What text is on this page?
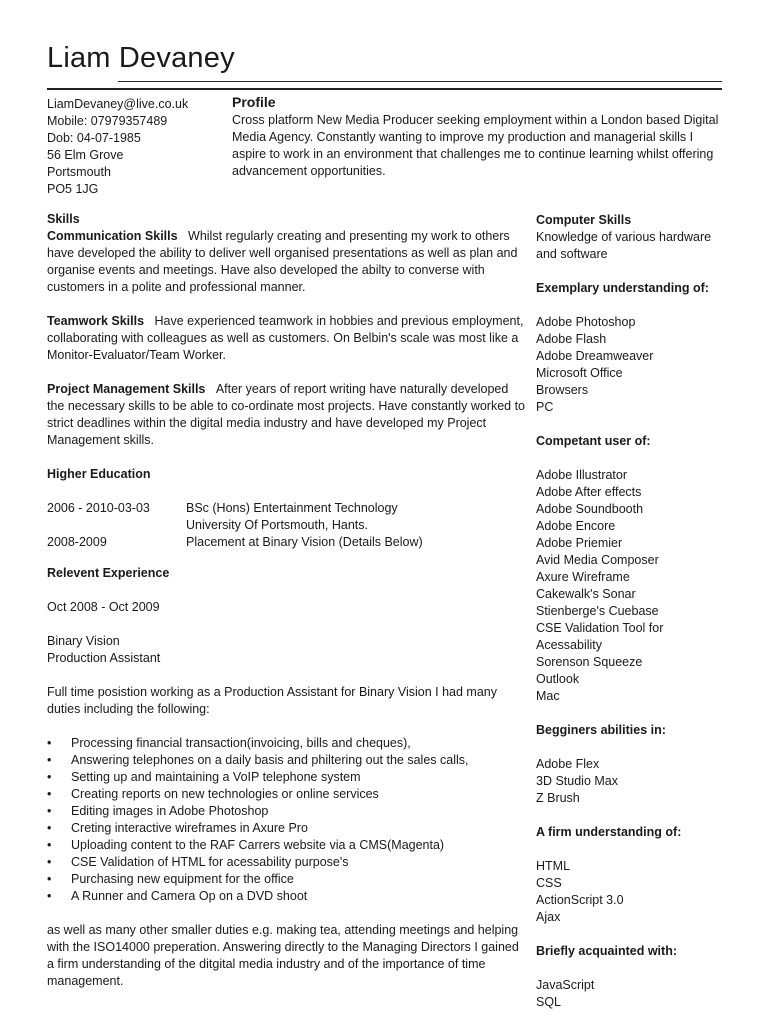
Liam Devaney
LiamDevaney@live.co.uk
Mobile: 07979357489
Dob: 04-07-1985
56 Elm Grove
Portsmouth
PO5 1JG
Profile

Cross platform New Media Producer seeking employment within a London based Digital Media Agency. Constantly wanting to improve my production and managerial skills I aspire to work in an environment that challenges me to continue learning whilst offering advancement opportunities.

Skills

Communication Skills Whilst regularly creating and presenting my work to others have developed the ability to deliver well organised presentations as well as plan and organise events and meetings. Have also developed the abilty to converse with customers in a polite and professional manner.

Teamwork Skills Have experienced teamwork in hobbies and previous employment, collaborating with colleagues as well as customers. On Belbin's scale was most like a Monitor-Evaluator/Team Worker.

Project Management Skills After years of report writing have naturally developed the necessary skills to be able to co-ordinate most projects. Have constantly worked to strict deadlines within the digital media industry and have developed my Project Management skills.

Higher Education
2006 - 2010-03-03	BSc (Hons) Entertainment Technology
University Of Portsmouth, Hants.
2008-2009	Placement at Binary Vision (Details Below)
Relevent Experience
Oct 2008 - Oct 2009
Binary Vision
Production Assistant

Full time posistion working as a Production Assistant for Binary Vision I had many duties including the following:

• Processing financial transaction(invoicing, bills and cheques),
• Answering telephones on a daily basis and philtering out the sales calls,
• Setting up and maintaining a VoIP telephone system
• Creating reports on new technologies or online services
• Editing images in Adobe Photoshop
• Creting interactive wireframes in Axure Pro
• Uploading content to the RAF Carrers website via a CMS(Magenta)
• CSE Validation of HTML for acessability purpose's
• Purchasing new equipment for the office
• A Runner and Camera Op on a DVD shoot

as well as many other smaller duties e.g. making tea, attending meetings and helping with the ISO14000 preperation. Answering directly to the Managing Directors I gained a firm understanding of the ditgital media industry and of the importance of time management.

Computer Skills

Knowledge of various hardware and software

Exemplary understanding of:
Adobe Photoshop
Adobe Flash
Adobe Dreamweaver
Microsoft Office
Browsers
PC
Competant user of:
Adobe Illustrator
Adobe After effects
Adobe Soundbooth
Adobe Encore
Adobe Priemier
Avid Media Composer
Axure Wireframe
Cakewalk's Sonar
Stienberge's Cuebase
CSE Validation Tool for Acessability
Sorenson Squeeze
Outlook
Mac
Begginers abilities in:
Adobe Flex
3D Studio Max
Z Brush
A firm understanding of:
HTML
CSS
ActionScript 3.0
Ajax
Briefly acquainted with:
JavaScript
SQL
